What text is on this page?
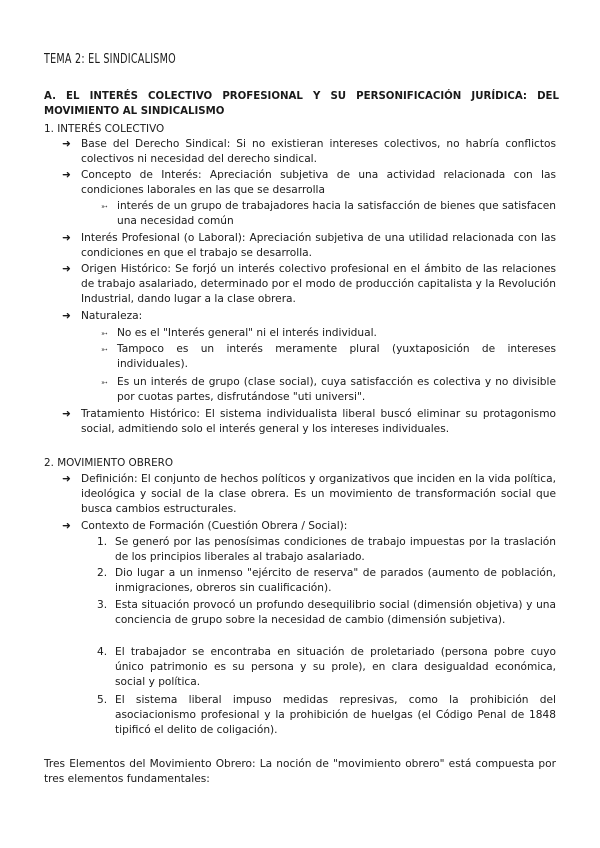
TEMA 2: EL SINDICALISMO
A. EL INTERÉS COLECTIVO PROFESIONAL Y SU PERSONIFICACIÓN JURÍDICA: DEL MOVIMIENTO AL SINDICALISMO
1. INTERÉS COLECTIVO
➜ Base del Derecho Sindical: Si no existieran intereses colectivos, no habría conflictos colectivos ni necesidad del derecho sindical.
➜ Concepto de Interés: Apreciación subjetiva de una actividad relacionada con las condiciones laborales en las que se desarrolla
➵ interés de un grupo de trabajadores hacia la satisfacción de bienes que satisfacen una necesidad común
➜ Interés Profesional (o Laboral): Apreciación subjetiva de una utilidad relacionada con las condiciones en que el trabajo se desarrolla.
➜ Origen Histórico: Se forjó un interés colectivo profesional en el ámbito de las relaciones de trabajo asalariado, determinado por el modo de producción capitalista y la Revolución Industrial, dando lugar a la clase obrera.
➜ Naturaleza:
➵ No es el "Interés general" ni el interés individual.
➵ Tampoco es un interés meramente plural (yuxtaposición de intereses individuales).
➵ Es un interés de grupo (clase social), cuya satisfacción es colectiva y no divisible por cuotas partes, disfrutándose "uti universi".
➜ Tratamiento Histórico: El sistema individualista liberal buscó eliminar su protagonismo social, admitiendo solo el interés general y los intereses individuales.
2. MOVIMIENTO OBRERO
➜ Definición: El conjunto de hechos políticos y organizativos que inciden en la vida política, ideológica y social de la clase obrera. Es un movimiento de transformación social que busca cambios estructurales.
➜ Contexto de Formación (Cuestión Obrera / Social):
1. Se generó por las penosísimas condiciones de trabajo impuestas por la traslación de los principios liberales al trabajo asalariado.
2. Dio lugar a un inmenso "ejército de reserva" de parados (aumento de población, inmigraciones, obreros sin cualificación).
3. Esta situación provocó un profundo desequilibrio social (dimensión objetiva) y una conciencia de grupo sobre la necesidad de cambio (dimensión subjetiva).
4. El trabajador se encontraba en situación de proletariado (persona pobre cuyo único patrimonio es su persona y su prole), en clara desigualdad económica, social y política.
5. El sistema liberal impuso medidas represivas, como la prohibición del asociacionismo profesional y la prohibición de huelgas (el Código Penal de 1848 tipificó el delito de coligación).
Tres Elementos del Movimiento Obrero: La noción de "movimiento obrero" está compuesta por tres elementos fundamentales:
